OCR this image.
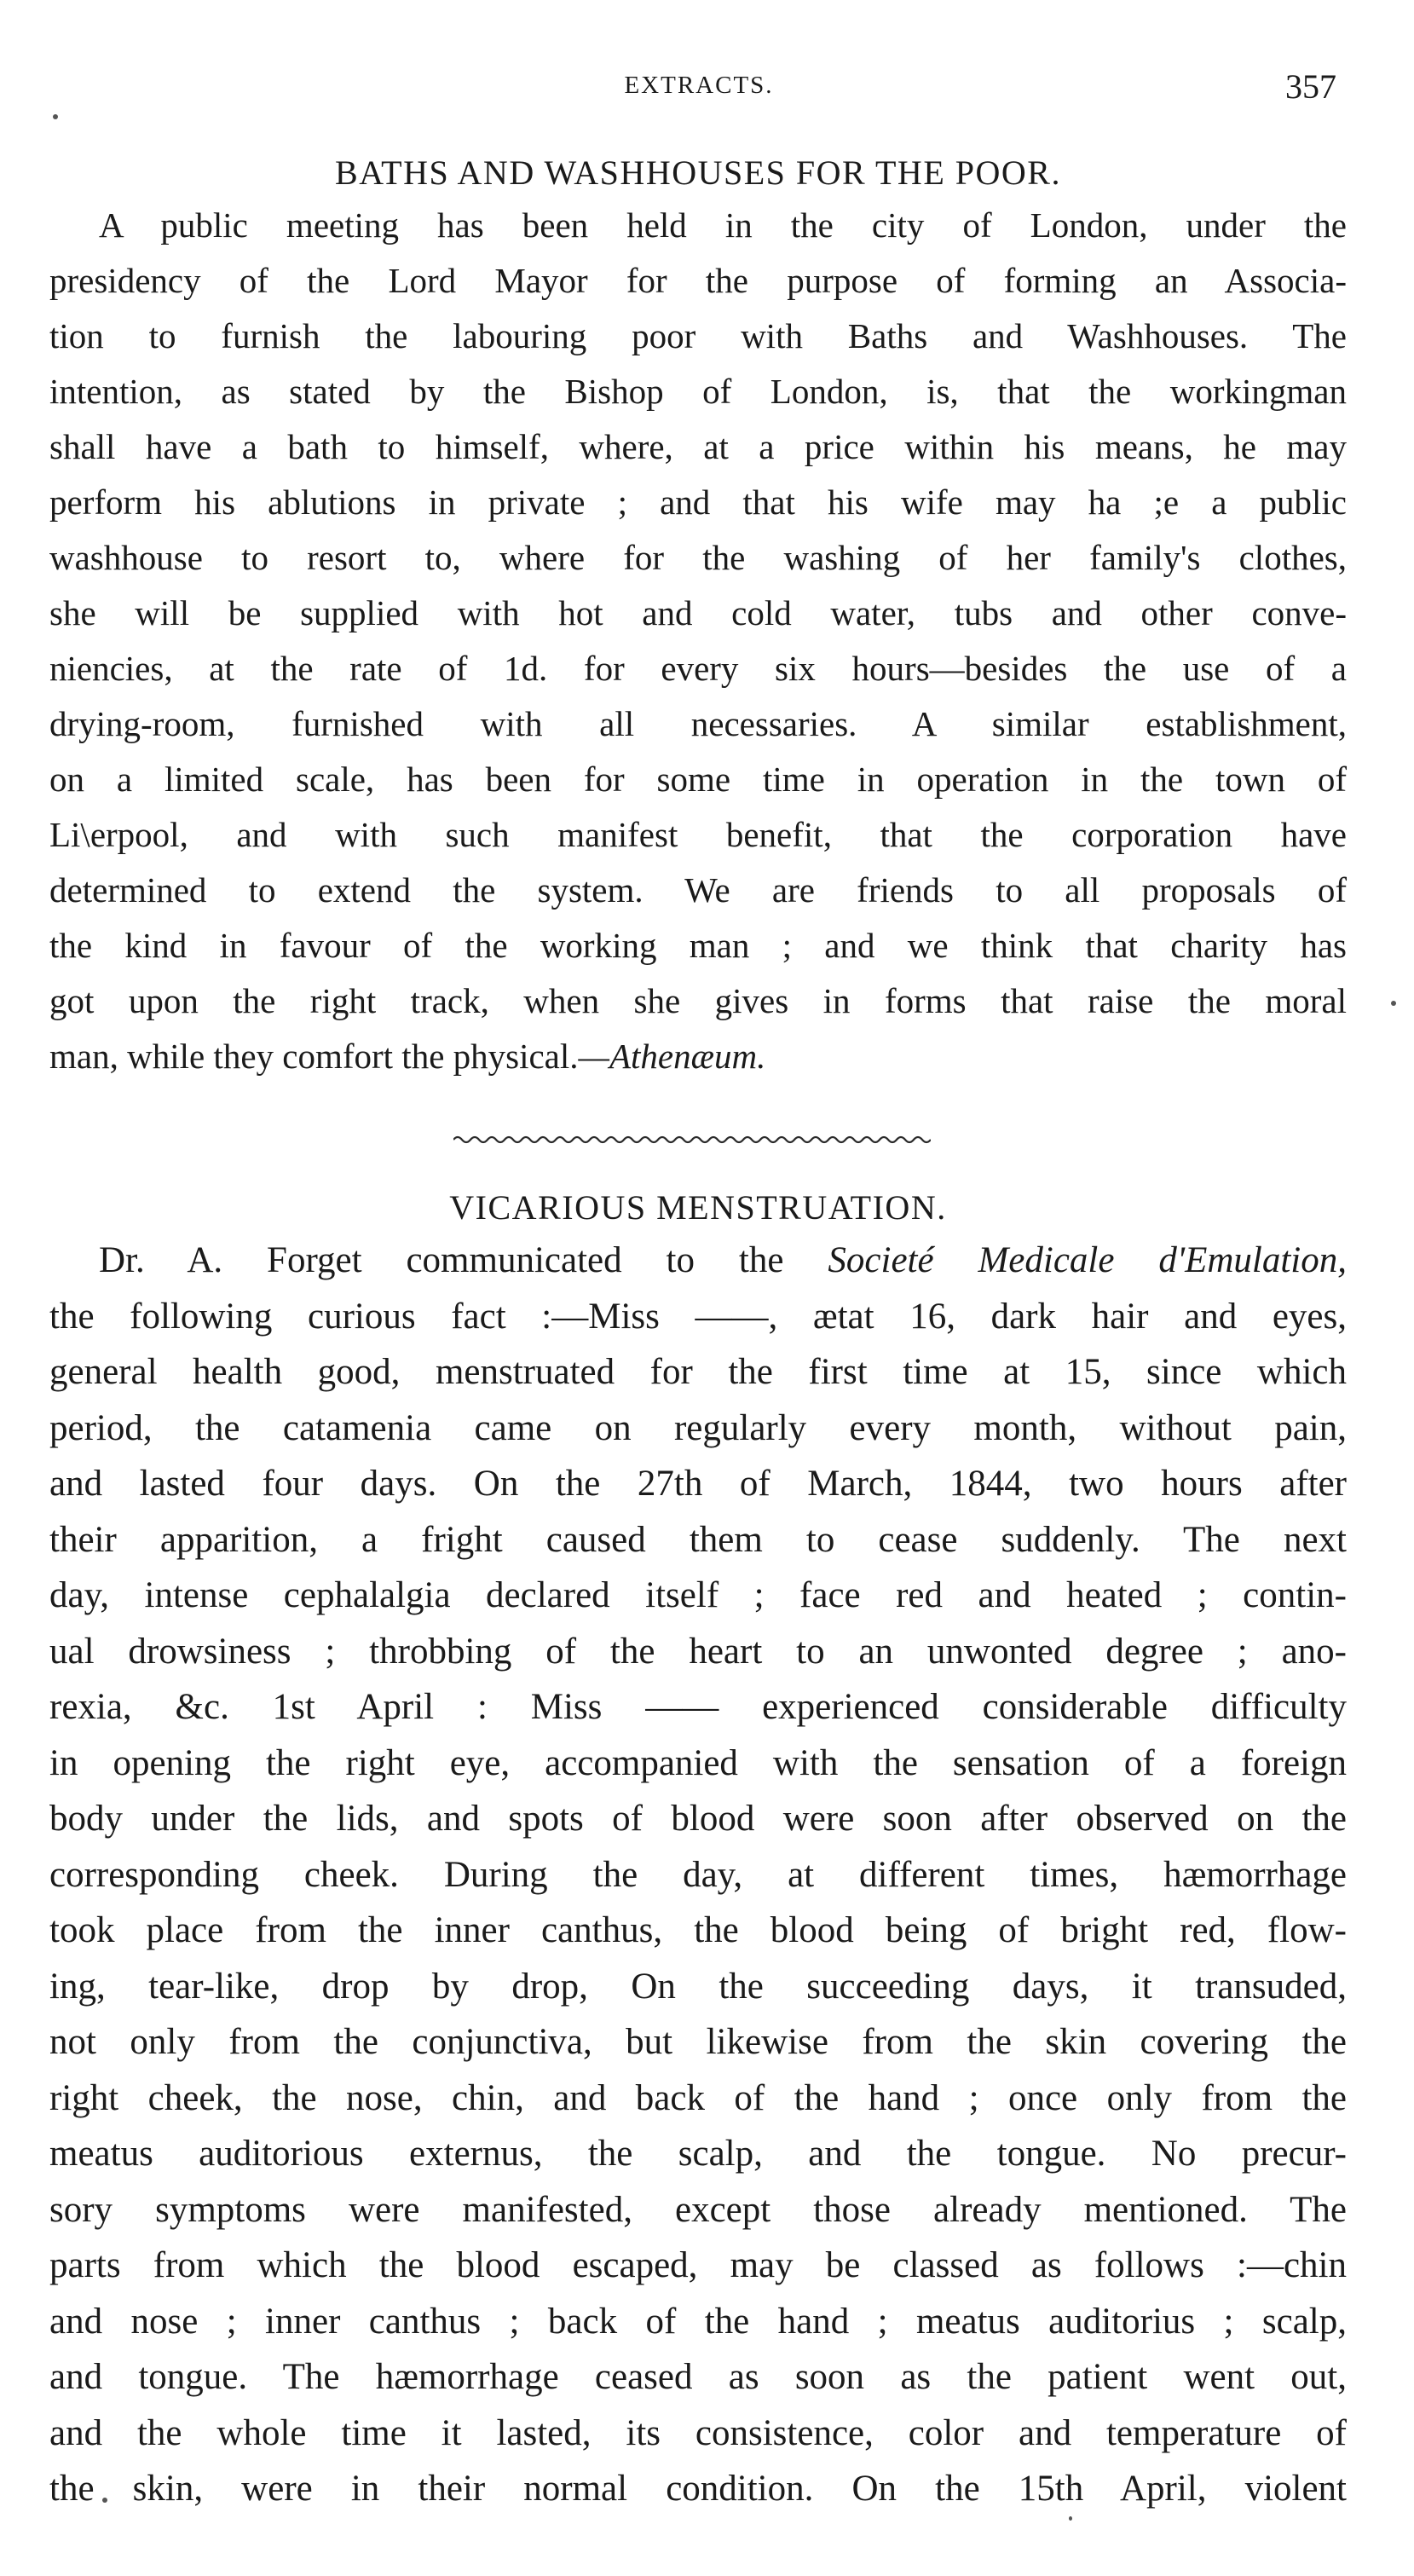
EXTRACTS.	357
BATHS AND WASHHOUSES FOR THE POOR.
A public meeting has been held in the city of London, under the
presidency of the Lord Mayor for the purpose of forming an Associa-
tion to furnish the labouring poor with Baths and Washhouses. The
intention, as stated by the Bishop of London, is, that the workingman
shall have a bath to himself, where, at a price within his means, he may
perform his ablutions in private ; and that his wife may ha ;e a public
washhouse to resort to, where for the washing of her family's clothes,
she will be supplied with hot and cold water, tubs and other conve-
niencies, at the rate of 1d. for every six hours—besides the use of a
drying-room, furnished with all necessaries. A similar establishment,
on a limited scale, has been for some time in operation in the town of
Li\erpool, and with such manifest benefit, that the corporation have
determined to extend the system. We are friends to all proposals of
the kind in favour of the working man ; and we think that charity has
got upon the right track, when she gives in forms that raise the moral
man, while they comfort the physical.—Athenæum.
VICARIOUS MENSTRUATION.
Dr. A. Forget communicated to the Societé Medicale d'Emulation,
the following curious fact :—Miss ——, ætat 16, dark hair and eyes,
general health good, menstruated for the first time at 15, since which
period, the catamenia came on regularly every month, without pain,
and lasted four days. On the 27th of March, 1844, two hours after
their apparition, a fright caused them to cease suddenly. The next
day, intense cephalalgia declared itself ; face red and heated ; contin-
ual drowsiness ; throbbing of the heart to an unwonted degree ; ano-
rexia, &c. 1st April : Miss —— experienced considerable difficulty
in opening the right eye, accompanied with the sensation of a foreign
body under the lids, and spots of blood were soon after observed on the
corresponding cheek. During the day, at different times, hæmorrhage
took place from the inner canthus, the blood being of bright red, flow-
ing, tear-like, drop by drop, On the succeeding days, it transuded,
not only from the conjunctiva, but likewise from the skin covering the
right cheek, the nose, chin, and back of the hand ; once only from the
meatus auditorious externus, the scalp, and the tongue. No precur-
sory symptoms were manifested, except those already mentioned. The
parts from which the blood escaped, may be classed as follows :—chin
and nose ; inner canthus ; back of the hand ; meatus auditorius ; scalp,
and tongue. The hæmorrhage ceased as soon as the patient went out,
and the whole time it lasted, its consistence, color and temperature of
the skin, were in their normal condition. On the 15th April, violent
